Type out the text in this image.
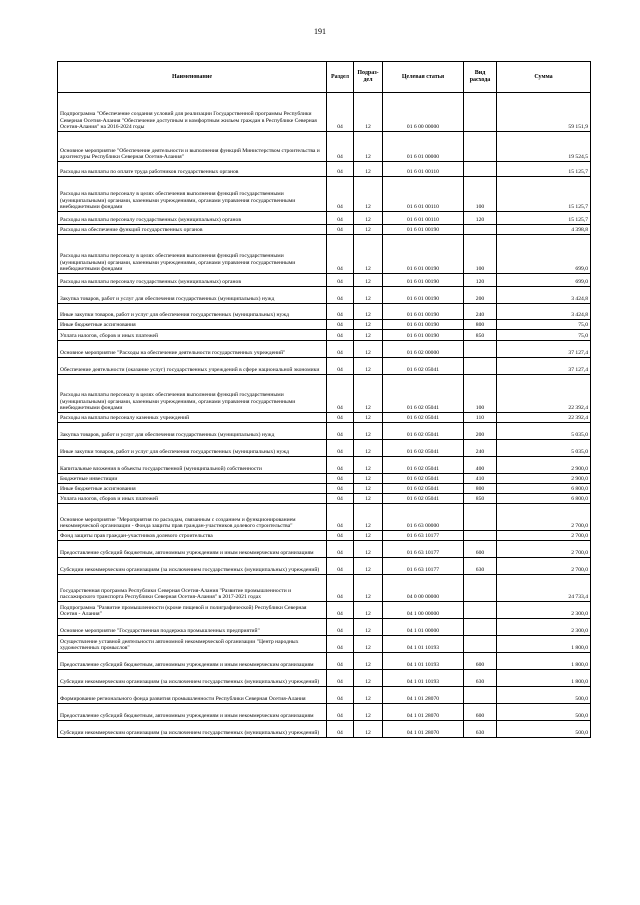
191
Наименование	Раздел	Подраз-дел	Целевая статья	Вид расхода	Сумма
Подпрограмма "Обеспечение создания условий для реализации Государственной программы Республики Северная Осетия-Алания "Обеспечение доступным и комфортным жильем граждан в Республике Северная Осетия-Алания" на 2016-2024 годы	04	12	01 6 00 00000		59 151,9
Основное мероприятие "Обеспечение деятельности и выполнения функций Министерством строительства и архитектуры Республики Северная Осетия-Алания"	04	12	01 6 01 00000		19 524,5
Расходы на выплаты по оплате труда работников государственных органов	04	12	01 6 01 00110		15 125,7
Расходы на выплаты персоналу в целях обеспечения выполнения функций государственными (муниципальными) органами, казенными учреждениями, органами управления государственными внебюджетными фондами	04	12	01 6 01 00110	100	15 125,7
Расходы на выплаты персоналу государственных (муниципальных) органов	04	12	01 6 01 00110	120	15 125,7
Расходы на обеспечение функций государственных органов	04	12	01 6 01 00190		4 398,8
Расходы на выплаты персоналу в целях обеспечения выполнения функций государственными (муниципальными) органами, казенными учреждениями, органами управления государственными внебюджетными фондами	04	12	01 6 01 00190	100	699,0
Расходы на выплаты персоналу государственных (муниципальных) органов	04	12	01 6 01 00190	120	699,0
Закупка товаров, работ и услуг для обеспечения государственных (муниципальных) нужд	04	12	01 6 01 00190	200	3 424,8
Иные закупки товаров, работ и услуг для обеспечения государственных (муниципальных) нужд	04	12	01 6 01 00190	240	3 424,8
Иные бюджетные ассигнования	04	12	01 6 01 00190	800	75,0
Уплата налогов, сборов и иных платежей	04	12	01 6 01 00190	850	75,0
Основное мероприятие "Расходы на обеспечение деятельности государственных учреждений"	04	12	01 6 02 00000		37 127,4
Обеспечение деятельности (оказание услуг) государственных учреждений в сфере национальной экономики	04	12	01 6 02 05041		37 127,4
Расходы на выплаты персоналу в целях обеспечения выполнения функций государственными (муниципальными) органами, казенными учреждениями, органами управления государственными внебюджетными фондами	04	12	01 6 02 05041	100	22 392,4
Расходы на выплаты персоналу казенных учреждений	04	12	01 6 02 05041	110	22 392,4
Закупка товаров, работ и услуг для обеспечения государственных (муниципальных) нужд	04	12	01 6 02 05041	200	5 035,0
Иные закупки товаров, работ и услуг для обеспечения государственных (муниципальных) нужд	04	12	01 6 02 05041	240	5 035,0
Капитальные вложения в объекты государственной (муниципальной) собственности	04	12	01 6 02 05041	400	2 900,0
Бюджетные инвестиции	04	12	01 6 02 05041	410	2 900,0
Иные бюджетные ассигнования	04	12	01 6 02 05041	800	6 800,0
Уплата налогов, сборов и иных платежей	04	12	01 6 02 05041	850	6 800,0
Основное мероприятие "Мероприятия по расходам, связанным с созданием и функционированием некоммерческой организации - Фонда защиты прав граждан-участников долевого строительства"	04	12	01 6 63 00000		2 700,0
Фонд защиты прав граждан-участников долевого строительства	04	12	01 6 63 10177		2 700,0
Предоставление субсидий бюджетным, автономным учреждениям и иным некоммерческим организациям	04	12	01 6 63 10177	600	2 700,0
Субсидии некоммерческим организациям (за исключением государственных (муниципальных) учреждений)	04	12	01 6 63 10177	630	2 700,0
Государственная программа Республики Северная Осетия-Алания "Развитие промышленности и пассажирского транспорта Республики Северная Осетия-Алания" в 2017-2021 годах	04	12	04 0 00 00000		24 733,4
Подпрограмма "Развитие промышленности (кроме пищевой и полиграфической) Республики Северная Осетия - Алания"	04	12	04 1 00 00000		2 300,0
Основное мероприятие "Государственная поддержка промышленных предприятий"	04	12	04 1 01 00000		2 300,0
Осуществление уставной деятельности автономной некоммерческой организации "Центр народных художественных промыслов"	04	12	04 1 01 10193		1 800,0
Предоставление субсидий бюджетным, автономным учреждениям и иным некоммерческим организациям	04	12	04 1 01 10193	600	1 800,0
Субсидии некоммерческим организациям (за исключением государственных (муниципальных) учреждений)	04	12	04 1 01 10193	630	1 800,0
Формирование регионального фонда развития промышленности Республики Северная Осетия-Алания	04	12	04 1 01 28070		500,0
Предоставление субсидий бюджетным, автономным учреждениям и иным некоммерческим организациям	04	12	04 1 01 28070	600	500,0
Субсидии некоммерческим организациям (за исключением государственных (муниципальных) учреждений)	04	12	04 1 01 28070	630	500,0
